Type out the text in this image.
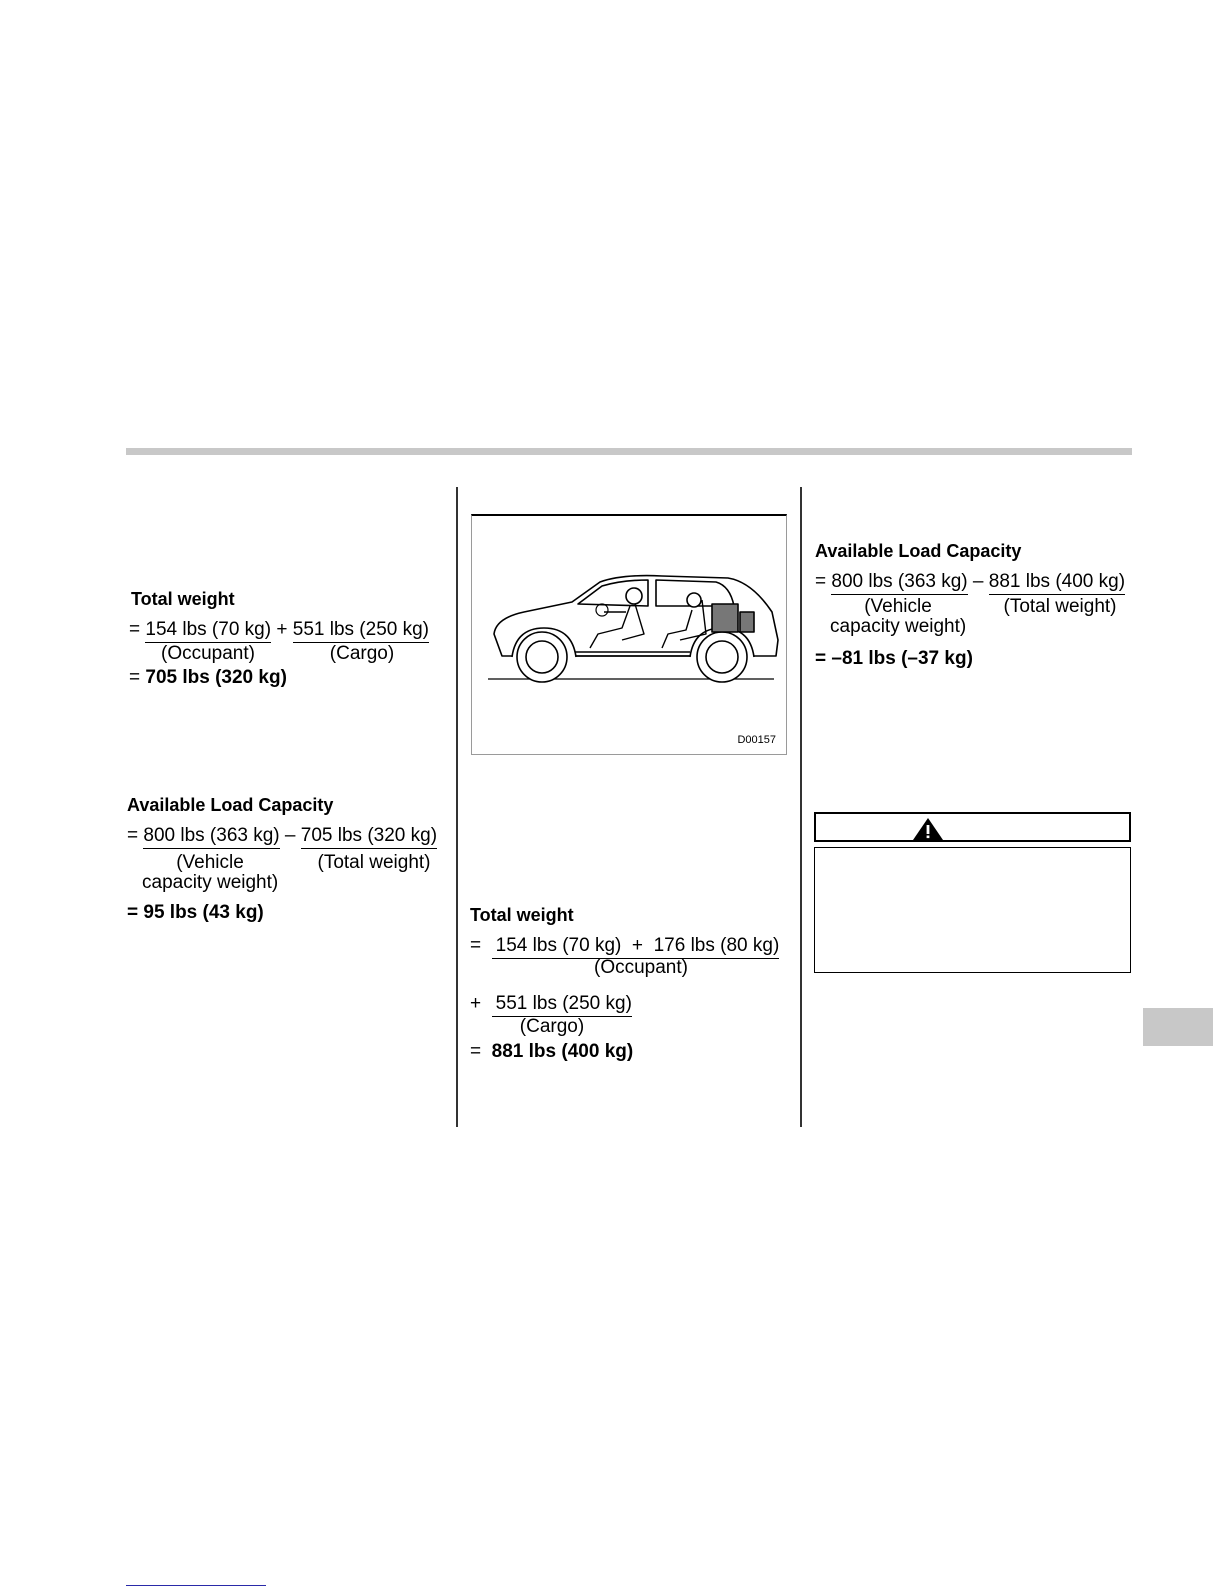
Total weight
= 154 lbs (70 kg) + 551 lbs (250 kg)
(Occupant)	(Cargo)
= 705 lbs (320 kg)
Available Load Capacity
= 800 lbs (363 kg) – 705 lbs (320 kg)
(Vehicle
capacity weight)
(Total weight)
= 95 lbs (43 kg)
D00157
Total weight
= 154 lbs (70 kg) + 176 lbs (80 kg)
(Occupant)
+ 551 lbs (250 kg)
(Cargo)
= 881 lbs (400 kg)
Available Load Capacity
= 800 lbs (363 kg) – 881 lbs (400 kg)
(Vehicle
capacity weight)
(Total weight)
= –81 lbs (–37 kg)
